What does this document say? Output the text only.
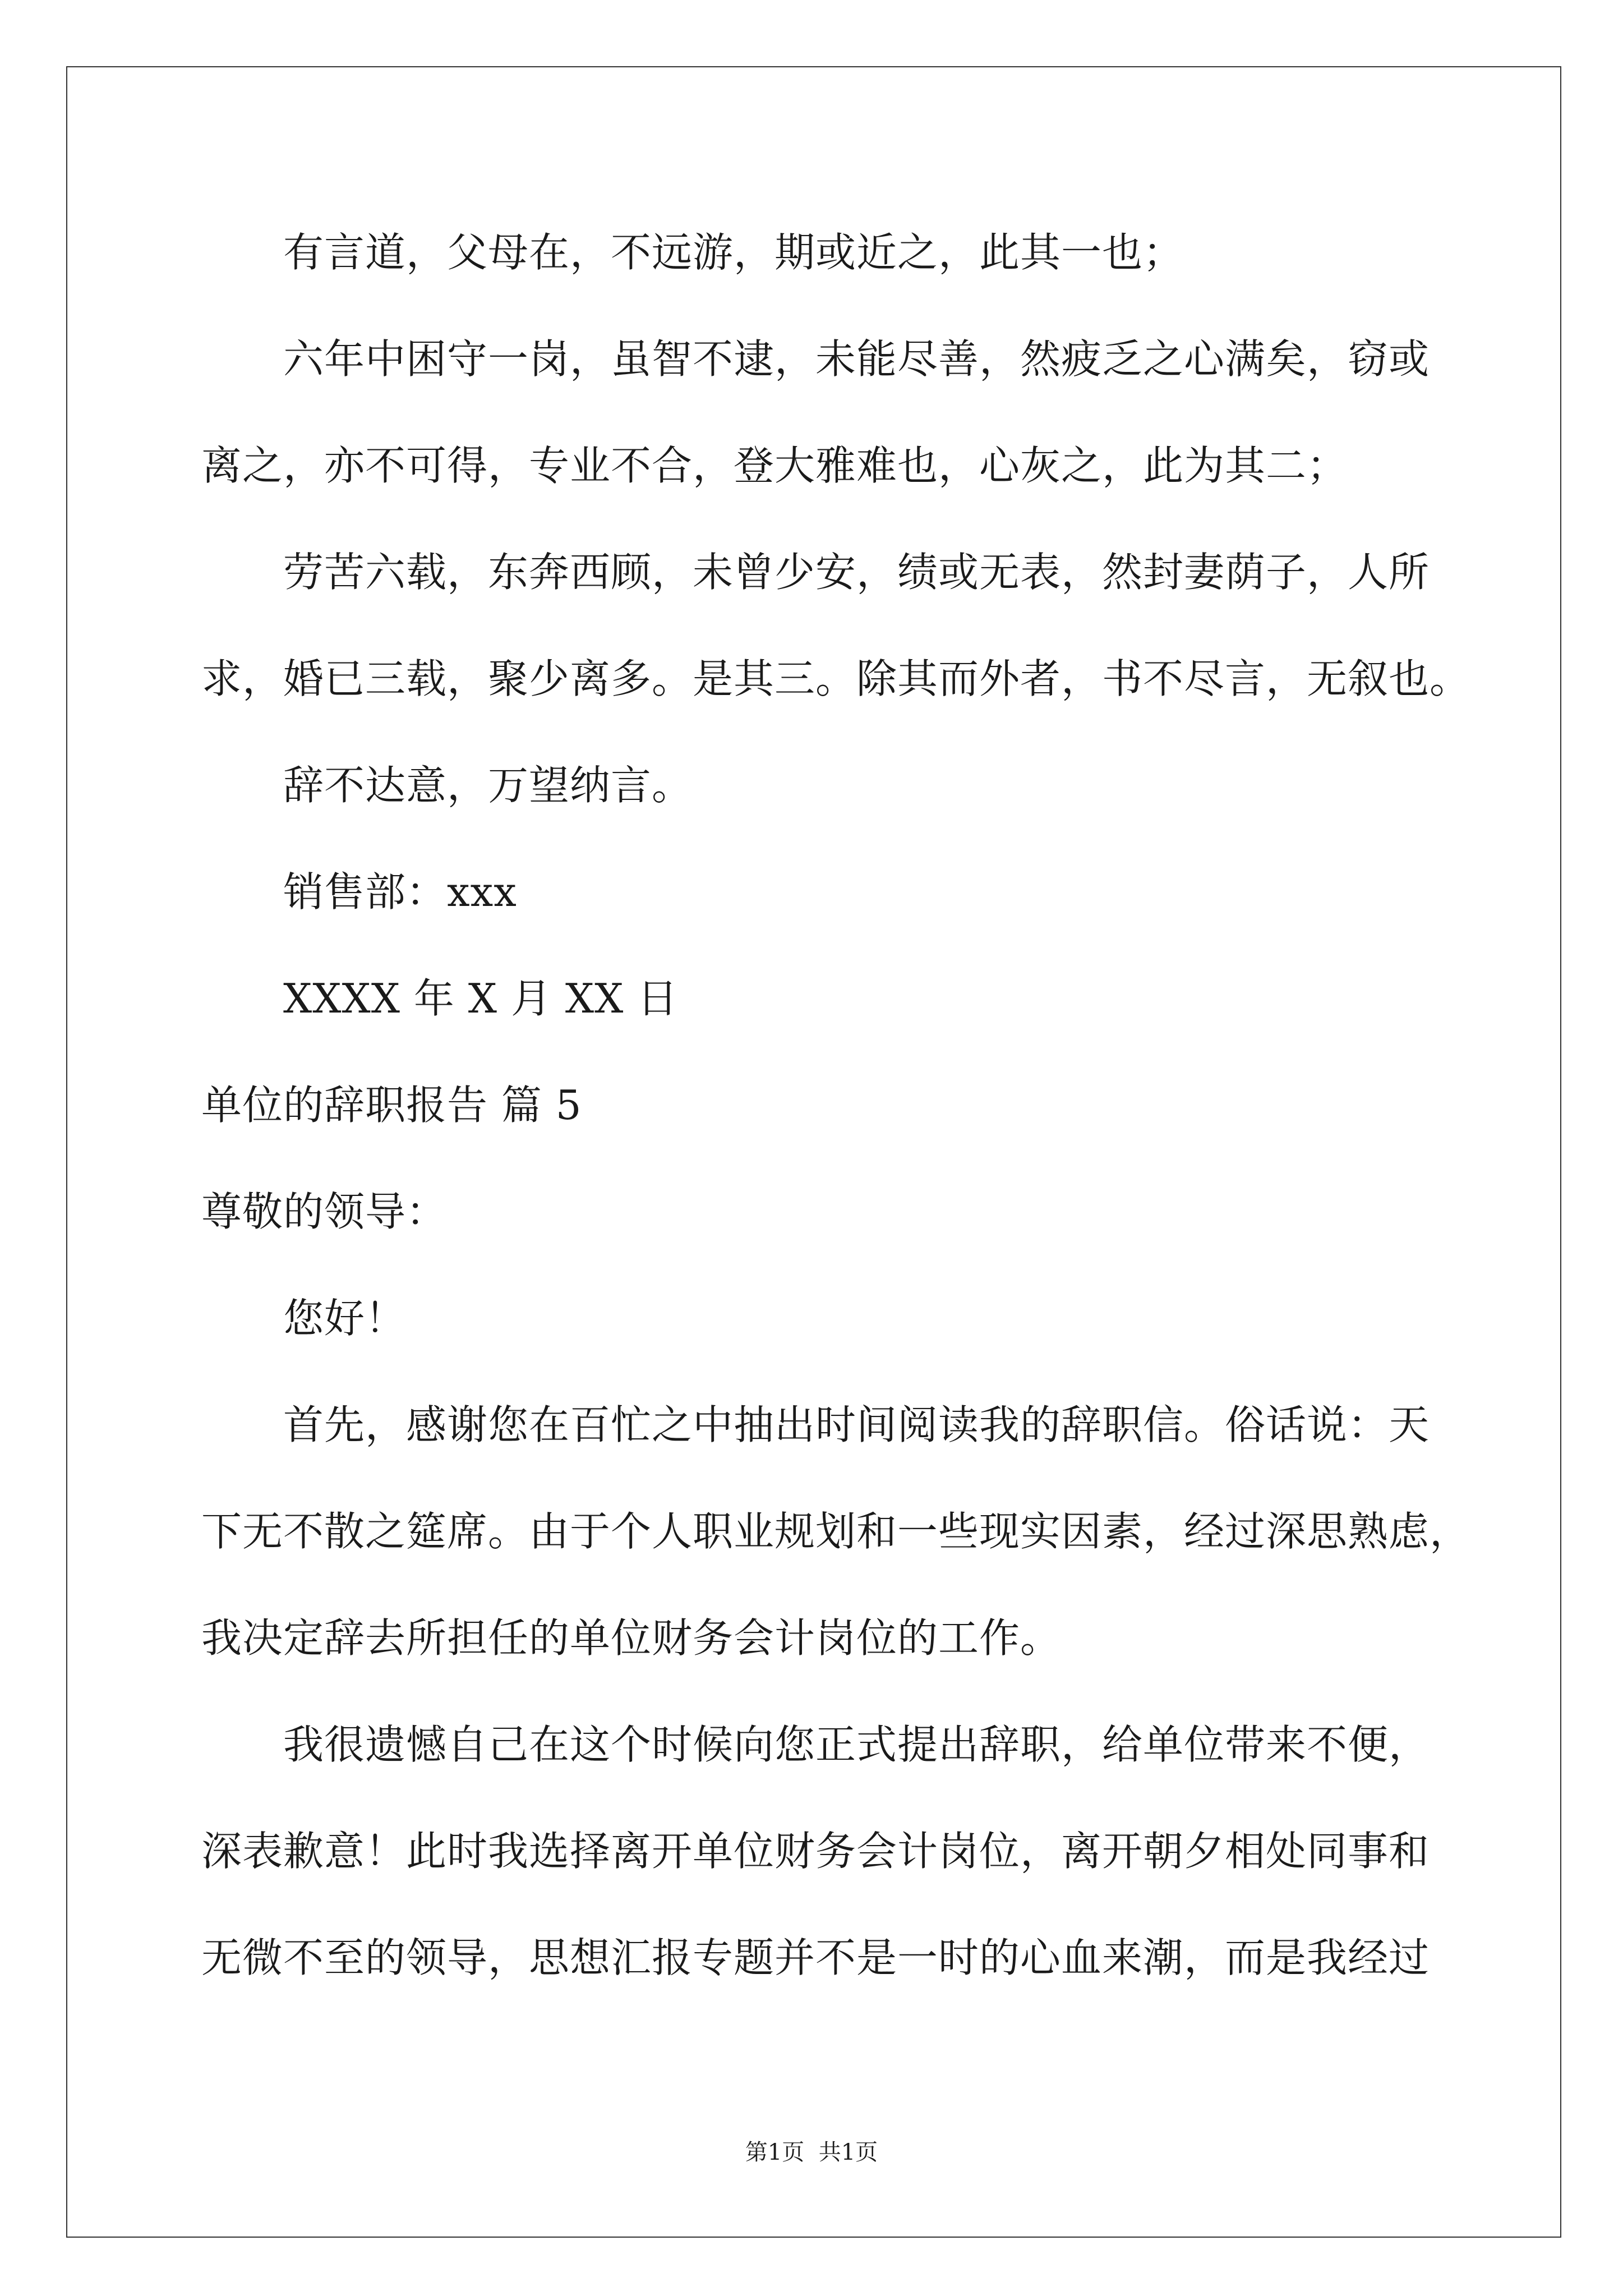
有言道，父母在，不远游，期或近之，此其一也；
六年中困守一岗，虽智不逮，未能尽善，然疲乏之心满矣，窃或
离之，亦不可得，专业不合，登大雅难也，心灰之，此为其二；
劳苦六载，东奔西顾，未曾少安，绩或无表，然封妻荫子，人所
求，婚已三载，聚少离多。是其三。除其而外者，书不尽言，无叙也。
辞不达意，万望纳言。
销售部：xxx
XXXX 年 X 月 XX 日
单位的辞职报告 篇 5
尊敬的领导：
您好！
首先，感谢您在百忙之中抽出时间阅读我的辞职信。俗话说：天
下无不散之筵席。由于个人职业规划和一些现实因素，经过深思熟虑，
我决定辞去所担任的单位财务会计岗位的工作。
我很遗憾自己在这个时候向您正式提出辞职，给单位带来不便，
深表歉意！此时我选择离开单位财务会计岗位，离开朝夕相处同事和
无微不至的领导，思想汇报专题并不是一时的心血来潮，而是我经过
第1页  共1页
